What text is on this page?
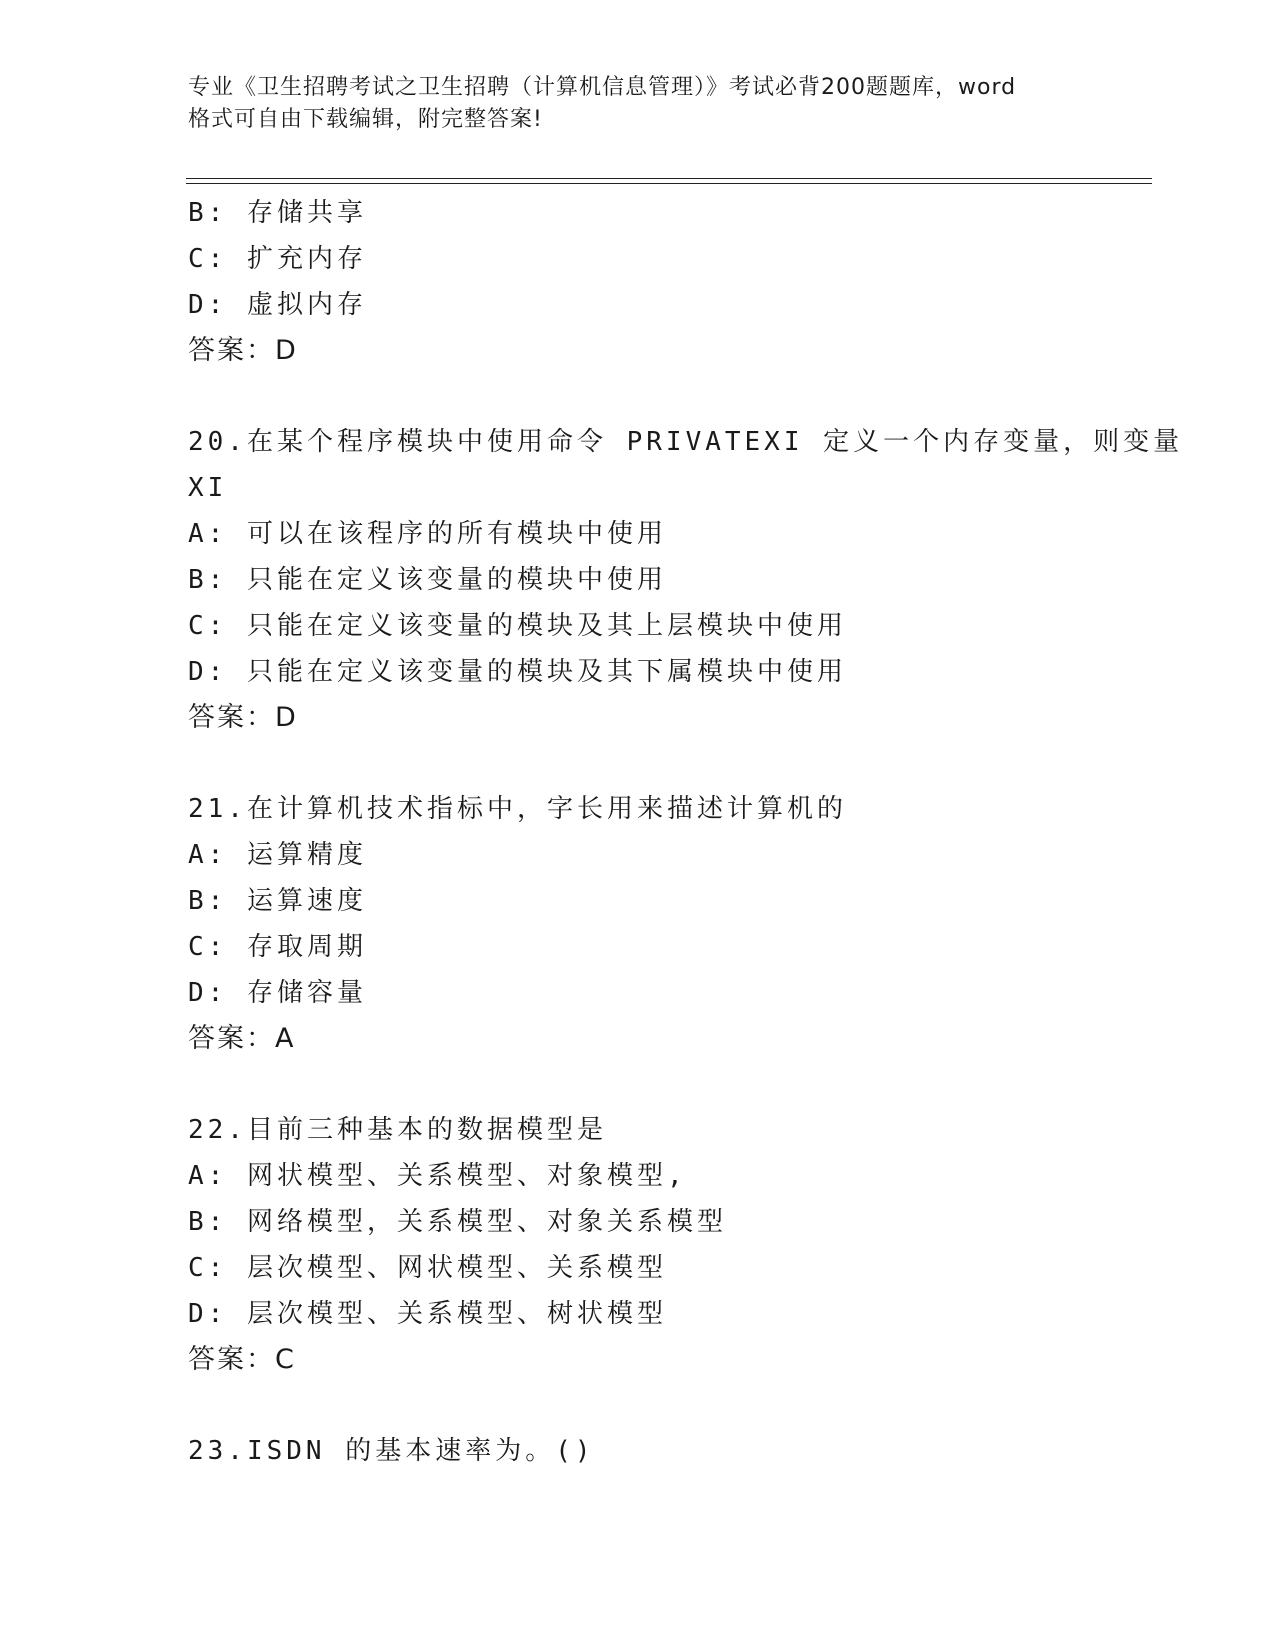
专业《卫生招聘考试之卫生招聘（计算机信息管理）》考试必背200题题库，word
格式可自由下载编辑，附完整答案!
B: 存储共享
C: 扩充内存
D: 虚拟内存
答案：D
20.在某个程序模块中使用命令 PRIVATEXI 定义一个内存变量，则变量
XI
A: 可以在该程序的所有模块中使用
B: 只能在定义该变量的模块中使用
C: 只能在定义该变量的模块及其上层模块中使用
D: 只能在定义该变量的模块及其下属模块中使用
答案：D
21.在计算机技术指标中，字长用来描述计算机的
A: 运算精度
B: 运算速度
C: 存取周期
D: 存储容量
答案：A
22.目前三种基本的数据模型是
A: 网状模型、关系模型、对象模型,
B: 网络模型，关系模型、对象关系模型
C: 层次模型、网状模型、关系模型
D: 层次模型、关系模型、树状模型
答案：C
23.ISDN 的基本速率为。()
